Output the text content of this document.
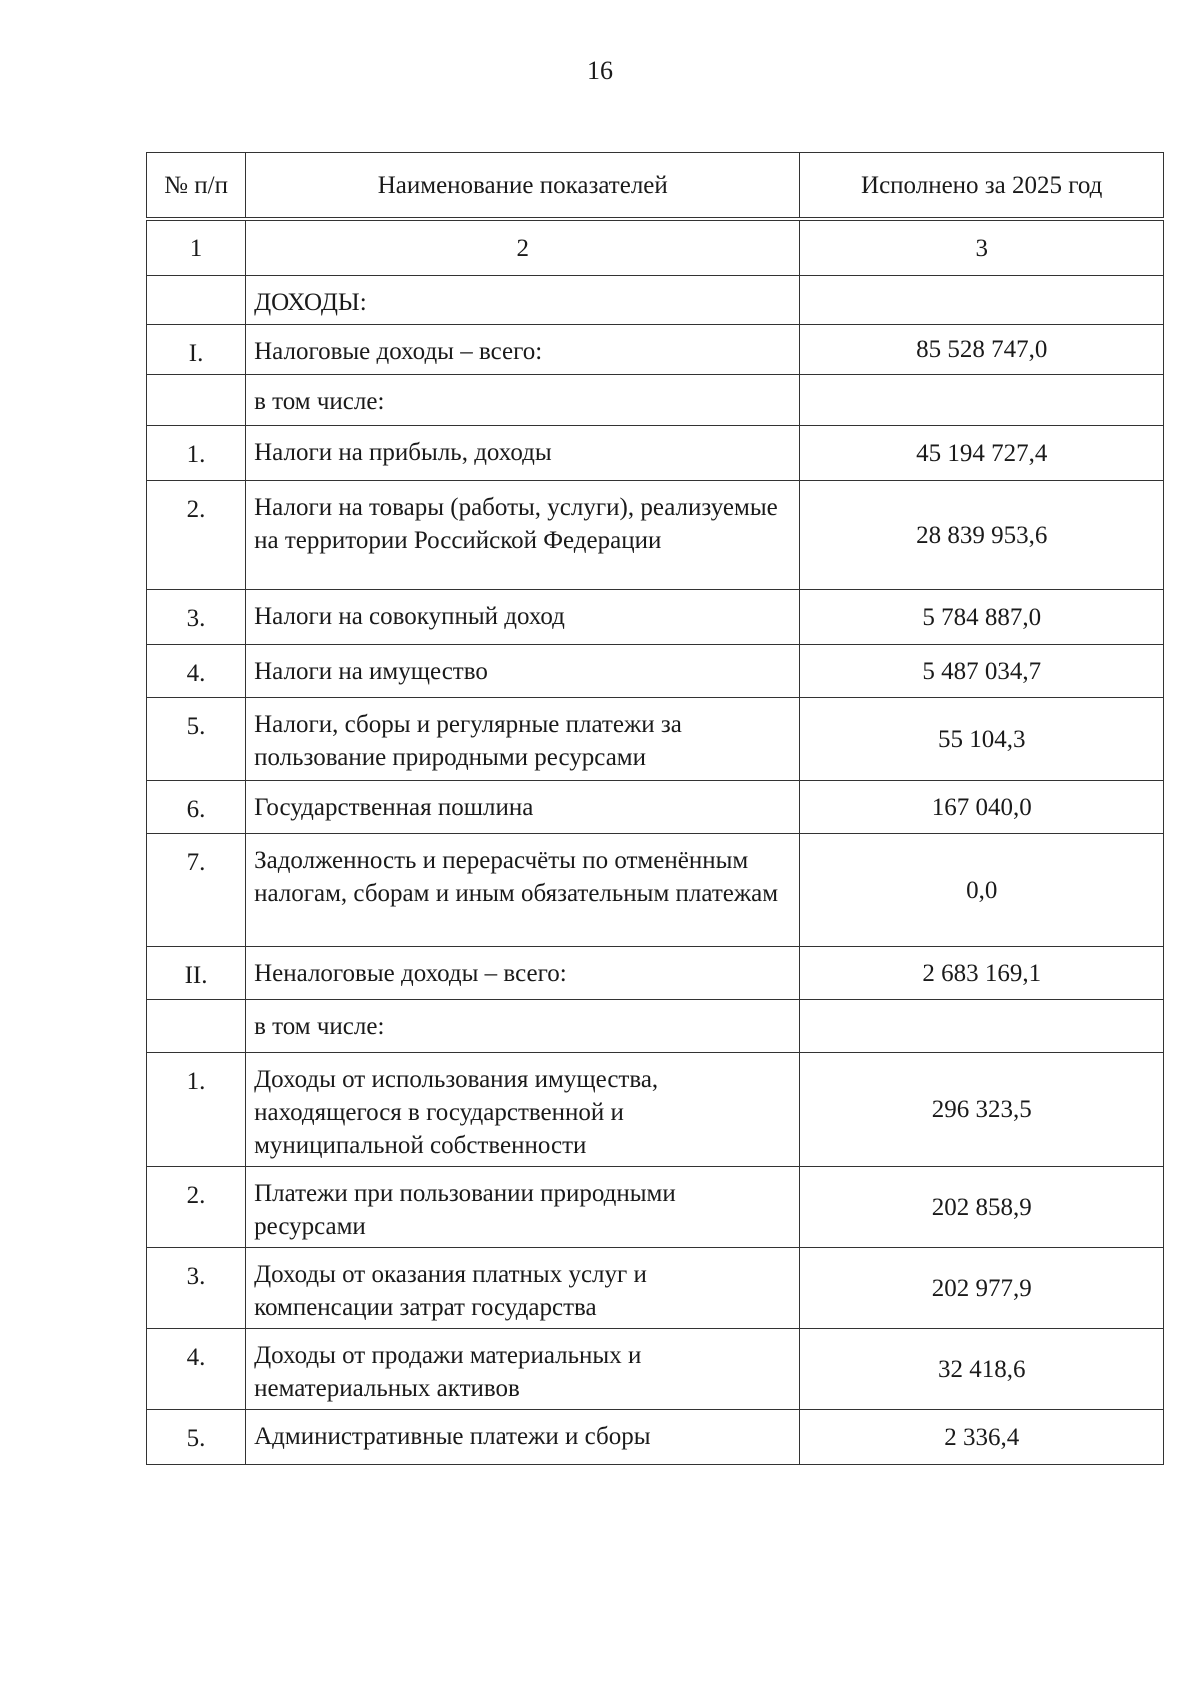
16
№ п/п	Наименование показателей	Исполнено за 2025 год
1	2	3
	ДОХОДЫ:	
I.	Налоговые доходы – всего:	85 528 747,0
	в том числе:	
1.	Налоги на прибыль, доходы	45 194 727,4
2.	Налоги на товары (работы, услуги), реализуемые на территории Российской Федерации	28 839 953,6
3.	Налоги на совокупный доход	5 784 887,0
4.	Налоги на имущество	5 487 034,7
5.	Налоги, сборы и регулярные платежи за пользование природными ресурсами	55 104,3
6.	Государственная пошлина	167 040,0
7.	Задолженность и перерасчёты по отменённым налогам, сборам и иным обязательным платежам	0,0
II.	Неналоговые доходы – всего:	2 683 169,1
	в том числе:	
1.	Доходы от использования имущества, находящегося в государственной и муниципальной собственности	296 323,5
2.	Платежи при пользовании природными ресурсами	202 858,9
3.	Доходы от оказания платных услуг и компенсации затрат государства	202 977,9
4.	Доходы от продажи материальных и нематериальных активов	32 418,6
5.	Административные платежи и сборы	2 336,4
